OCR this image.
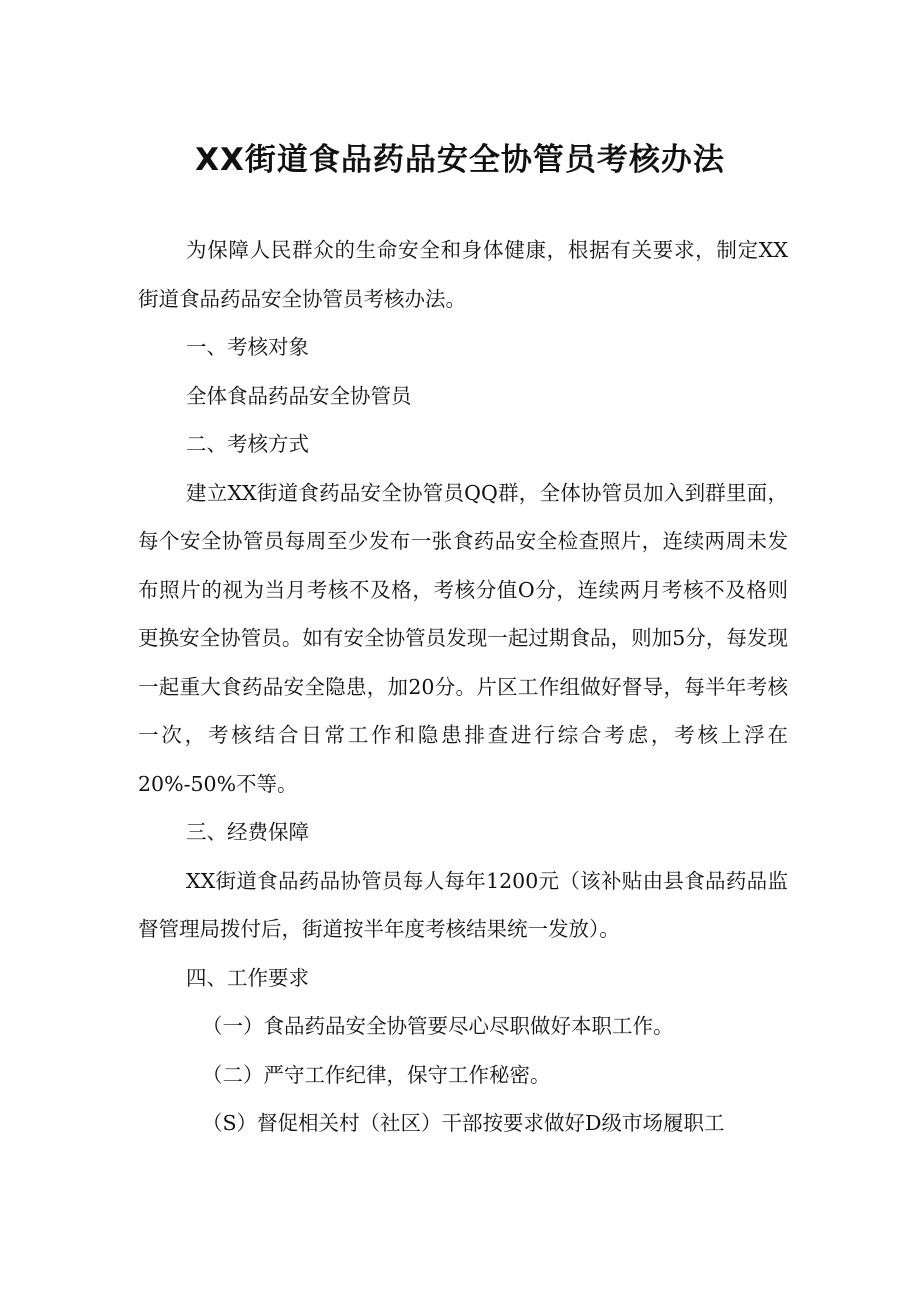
XX街道食品药品安全协管员考核办法

为保障人民群众的生命安全和身体健康，根据有关要求，制定XX街道食品药品安全协管员考核办法。

一、考核对象

全体食品药品安全协管员

二、考核方式

建立XX街道食药品安全协管员QQ群，全体协管员加入到群里面，每个安全协管员每周至少发布一张食药品安全检查照片，连续两周未发布照片的视为当月考核不及格，考核分值O分，连续两月考核不及格则更换安全协管员。如有安全协管员发现一起过期食品，则加5分，每发现一起重大食药品安全隐患，加20分。片区工作组做好督导，每半年考核一次，考核结合日常工作和隐患排查进行综合考虑，考核上浮在20%-50%不等。

三、经费保障

XX街道食品药品协管员每人每年1200元（该补贴由县食品药品监督管理局拨付后，街道按半年度考核结果统一发放）。

四、工作要求

（一）食品药品安全协管要尽心尽职做好本职工作。

（二）严守工作纪律，保守工作秘密。

（S）督促相关村（社区）干部按要求做好D级市场履职工
